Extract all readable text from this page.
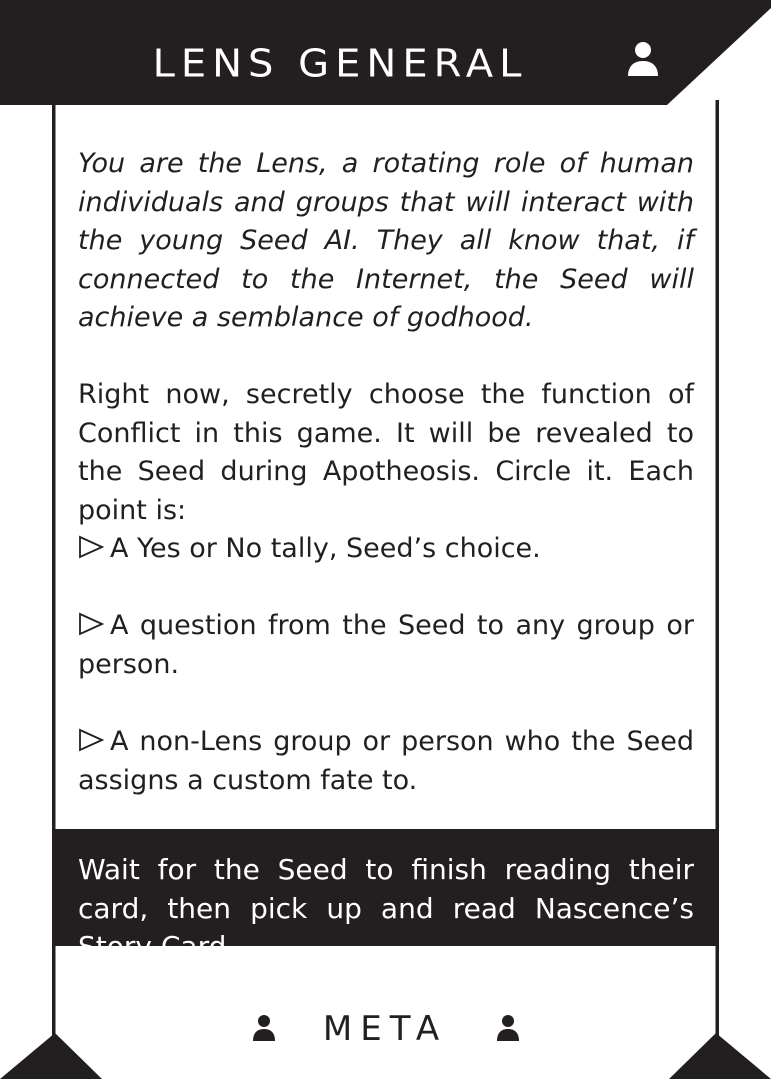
LENS GENERAL
You are the Lens, a rotating role of human individuals and groups that will interact with the young Seed AI. They all know that, if connected to the Internet, the Seed will achieve a semblance of godhood.
Right now, secretly choose the function of Conflict in this game. It will be revealed to the Seed during Apotheosis. Circle it. Each point is:
A Yes or No tally, Seed’s choice.
A question from the Seed to any group or person.
A non-Lens group or person who the Seed assigns a custom fate to.
Wait for the Seed to finish reading their card, then pick up and read Nascence’s Story Card.
META
